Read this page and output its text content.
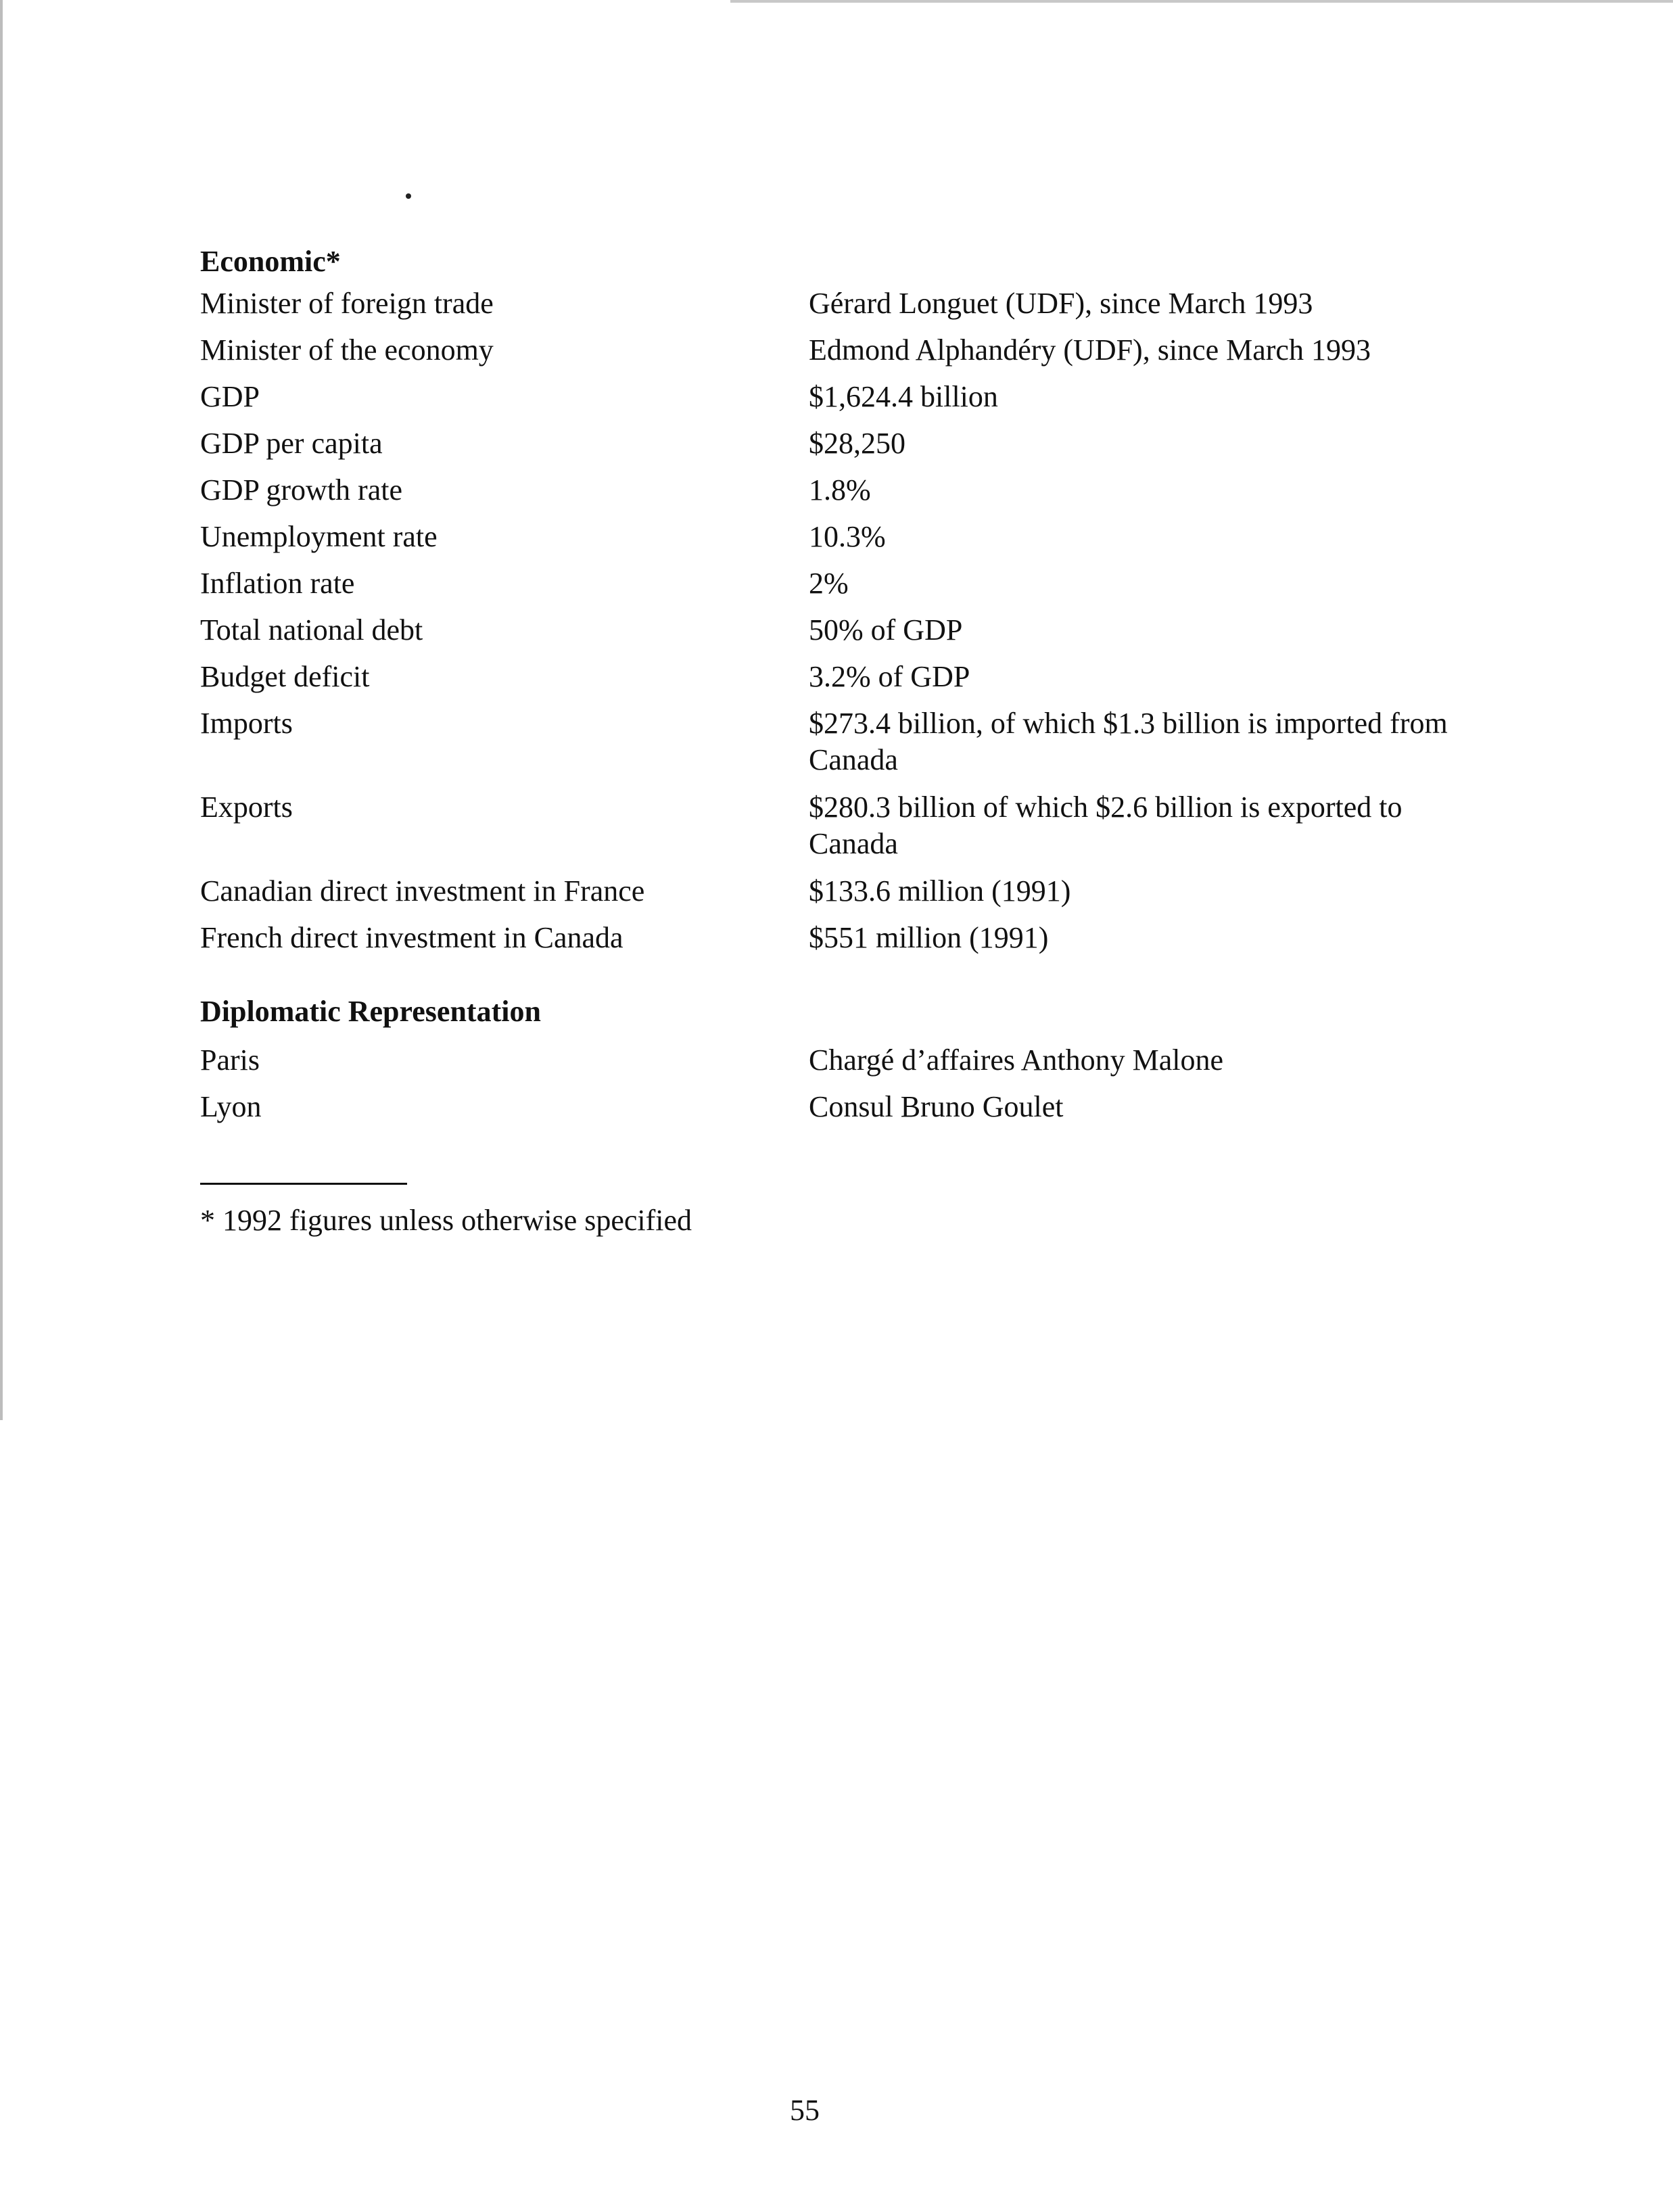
Economic*
Minister of foreign trade	Gérard Longuet (UDF), since March 1993
Minister of the economy	Edmond Alphandéry (UDF), since March 1993
GDP	$1,624.4 billion
GDP per capita	$28,250
GDP growth rate	1.8%
Unemployment rate	10.3%
Inflation rate	2%
Total national debt	50% of GDP
Budget deficit	3.2% of GDP
Imports	$273.4 billion, of which $1.3 billion is imported from Canada
Exports	$280.3 billion of which $2.6 billion is exported to Canada
Canadian direct investment in France	$133.6 million (1991)
French direct investment in Canada	$551 million (1991)
Diplomatic Representation
Paris	Chargé d’affaires Anthony Malone
Lyon	Consul Bruno Goulet
* 1992 figures unless otherwise specified
55
